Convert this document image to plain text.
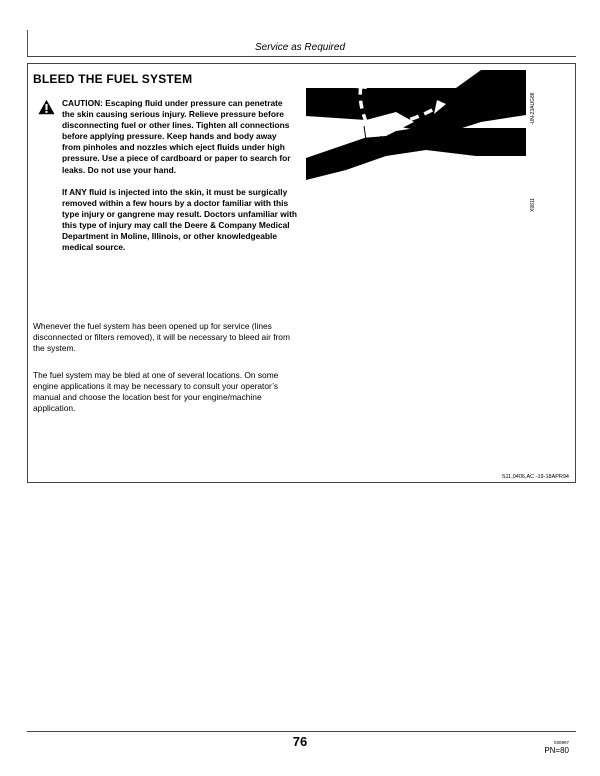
Service as Required
BLEED THE FUEL SYSTEM

CAUTION: Escaping fluid under pressure can penetrate the skin causing serious injury. Relieve pressure before disconnecting fuel or other lines. Tighten all connections before applying pressure. Keep hands and body away from pinholes and nozzles which eject fluids under high pressure. Use a piece of cardboard or paper to search for leaks. Do not use your hand.

If ANY fluid is injected into the skin, it must be surgically removed within a few hours by a doctor familiar with this type injury or gangrene may result. Doctors unfamiliar with this type of injury may call the Deere & Company Medical Department in Moline, Illinois, or other knowledgeable medical source.

Whenever the fuel system has been opened up for service (lines disconnected or filters removed), it will be necessary to bleed air from the system.
The fuel system may be bled at one of several locations. On some engine applications it may be necessary to consult your operator’s manual and choose the location best for your engine/machine application.
-UN-23AUG88
X9811
S11,0406,AC -19-18APR94
76	030997
PN=80
